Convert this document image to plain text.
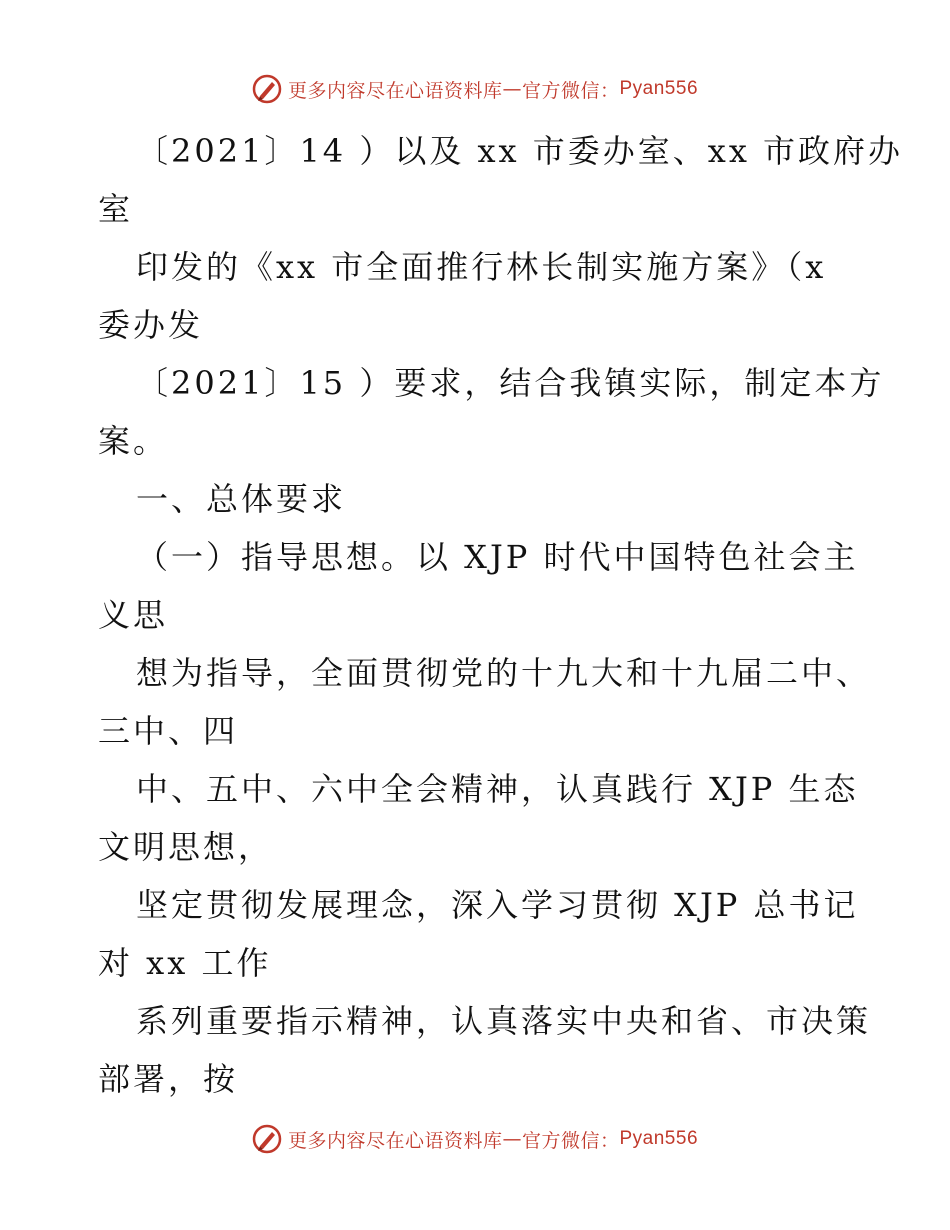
更多内容尽在心语资料库 — 官方微信： Pyan556
〔2021〕14 ）以及 xx 市委办室、xx 市政府办
室
印发的《xx 市全面推行林长制实施方案》（x
委办发
〔2021〕15 ）要求，结合我镇实际，制定本方
案。
一、总体要求
（一）指导思想。以 XJP 时代中国特色社会主
义思
想为指导，全面贯彻党的十九大和十九届二中、
三中、四
中、五中、六中全会精神，认真践行 XJP 生态
文明思想，
坚定贯彻发展理念，深入学习贯彻 XJP 总书记
对 xx 工作
系列重要指示精神，认真落实中央和省、市决策
部署，按
更多内容尽在心语资料库 — 官方微信： Pyan556
